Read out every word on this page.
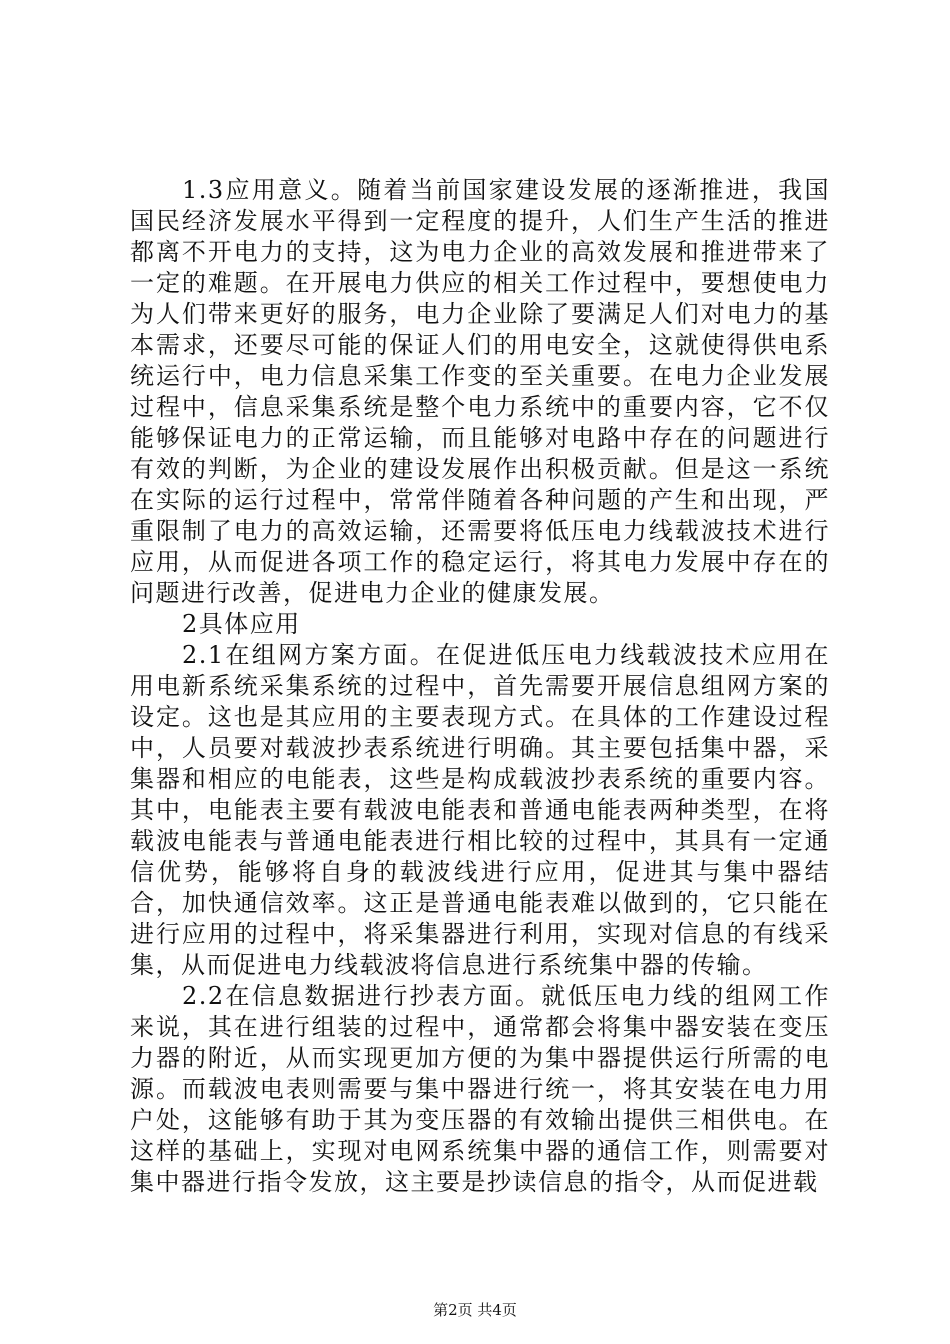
1.3应用意义。随着当前国家建设发展的逐渐推进，我国国民经济发展水平得到一定程度的提升，人们生产生活的推进都离不开电力的支持，这为电力企业的高效发展和推进带来了一定的难题。在开展电力供应的相关工作过程中，要想使电力为人们带来更好的服务，电力企业除了要满足人们对电力的基本需求，还要尽可能的保证人们的用电安全，这就使得供电系统运行中，电力信息采集工作变的至关重要。在电力企业发展过程中，信息采集系统是整个电力系统中的重要内容，它不仅能够保证电力的正常运输，而且能够对电路中存在的问题进行有效的判断，为企业的建设发展作出积极贡献。但是这一系统在实际的运行过程中，常常伴随着各种问题的产生和出现，严重限制了电力的高效运输，还需要将低压电力线载波技术进行应用，从而促进各项工作的稳定运行，将其电力发展中存在的问题进行改善，促进电力企业的健康发展。

2具体应用

2.1在组网方案方面。在促进低压电力线载波技术应用在用电新系统采集系统的过程中，首先需要开展信息组网方案的设定。这也是其应用的主要表现方式。在具体的工作建设过程中，人员要对载波抄表系统进行明确。其主要包括集中器，采集器和相应的电能表，这些是构成载波抄表系统的重要内容。其中，电能表主要有载波电能表和普通电能表两种类型，在将载波电能表与普通电能表进行相比较的过程中，其具有一定通信优势，能够将自身的载波线进行应用，促进其与集中器结合，加快通信效率。这正是普通电能表难以做到的，它只能在进行应用的过程中，将采集器进行利用，实现对信息的有线采集，从而促进电力线载波将信息进行系统集中器的传输。

2.2在信息数据进行抄表方面。就低压电力线的组网工作来说，其在进行组装的过程中，通常都会将集中器安装在变压力器的附近，从而实现更加方便的为集中器提供运行所需的电源。而载波电表则需要与集中器进行统一，将其安装在电力用户处，这能够有助于其为变压器的有效输出提供三相供电。在这样的基础上，实现对电网系统集中器的通信工作，则需要对集中器进行指令发放，这主要是抄读信息的指令，从而促进载

第2页 共4页
